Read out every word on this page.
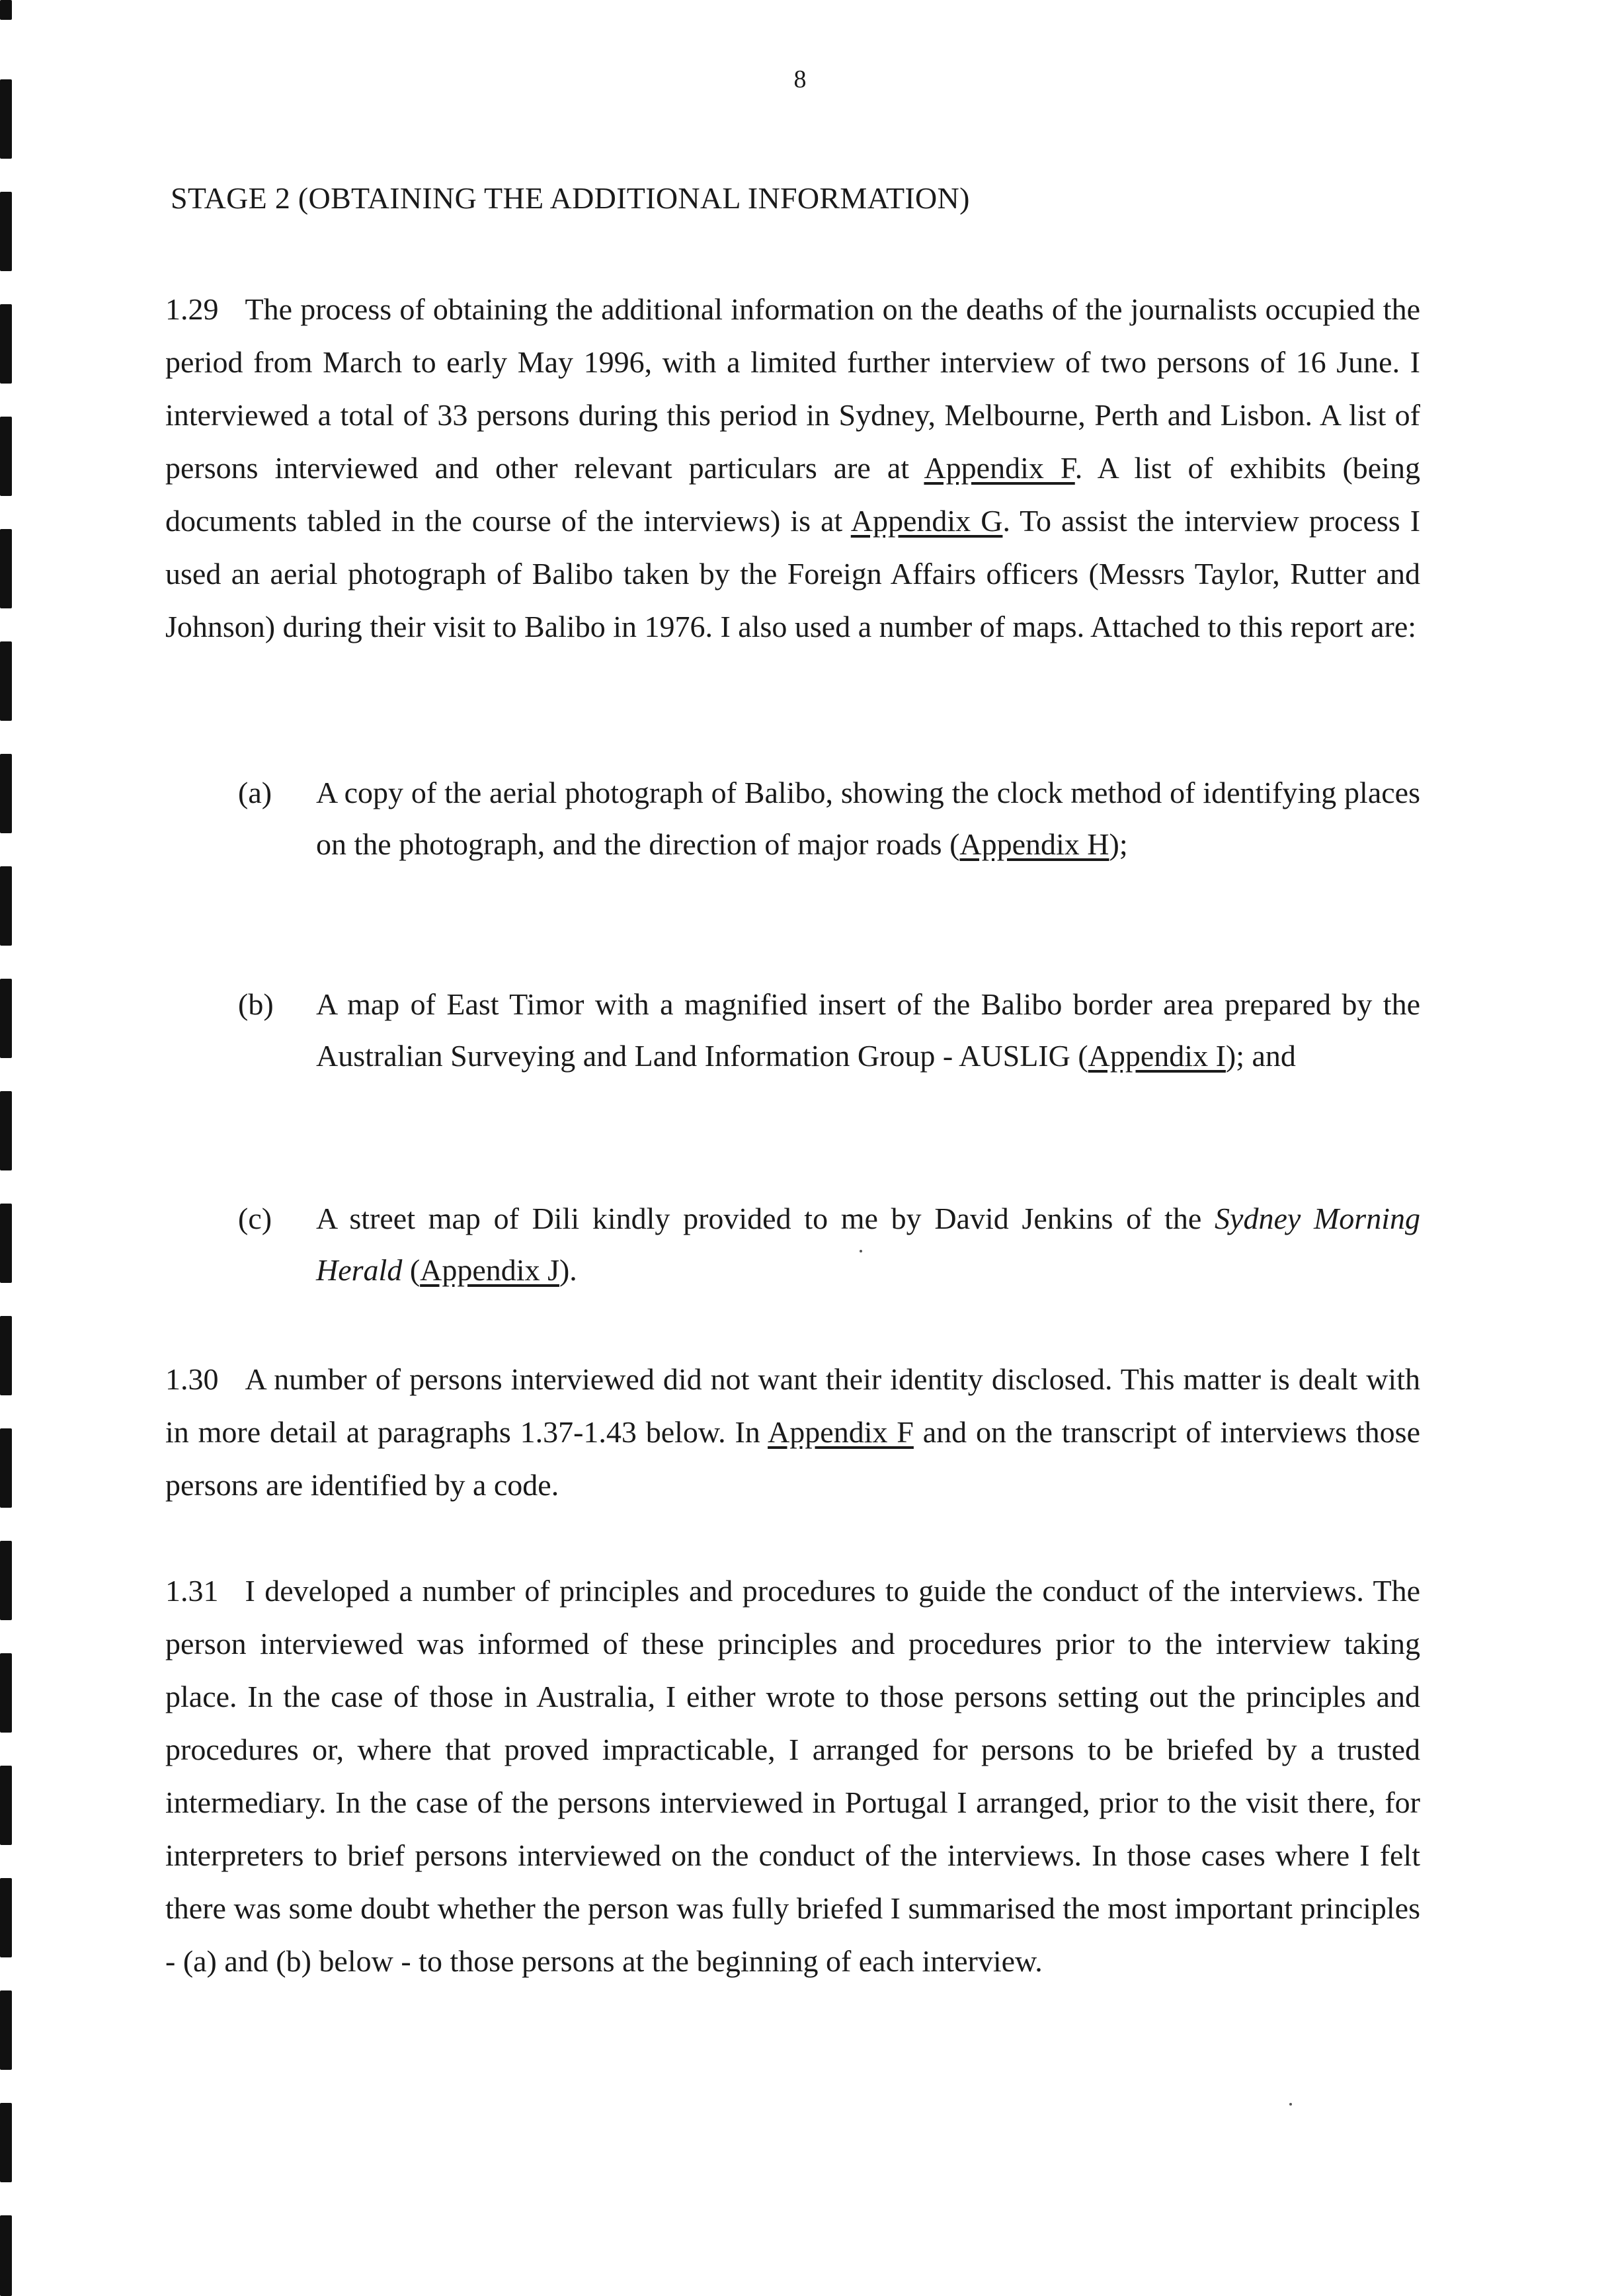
8
STAGE 2 (OBTAINING THE ADDITIONAL INFORMATION)
1.29 The process of obtaining the additional information on the deaths of the journalists occupied the period from March to early May 1996, with a limited further interview of two persons of 16 June. I interviewed a total of 33 persons during this period in Sydney, Melbourne, Perth and Lisbon. A list of persons interviewed and other relevant particulars are at Appendix F. A list of exhibits (being documents tabled in the course of the interviews) is at Appendix G. To assist the interview process I used an aerial photograph of Balibo taken by the Foreign Affairs officers (Messrs Taylor, Rutter and Johnson) during their visit to Balibo in 1976. I also used a number of maps. Attached to this report are:
(a)	A copy of the aerial photograph of Balibo, showing the clock method of identifying places on the photograph, and the direction of major roads (Appendix H);
(b)	A map of East Timor with a magnified insert of the Balibo border area prepared by the Australian Surveying and Land Information Group - AUSLIG (Appendix I); and
(c)	A street map of Dili kindly provided to me by David Jenkins of the Sydney Morning Herald (Appendix J).
1.30 A number of persons interviewed did not want their identity disclosed. This matter is dealt with in more detail at paragraphs 1.37-1.43 below. In Appendix F and on the transcript of interviews those persons are identified by a code.
1.31 I developed a number of principles and procedures to guide the conduct of the interviews. The person interviewed was informed of these principles and procedures prior to the interview taking place. In the case of those in Australia, I either wrote to those persons setting out the principles and procedures or, where that proved impracticable, I arranged for persons to be briefed by a trusted intermediary. In the case of the persons interviewed in Portugal I arranged, prior to the visit there, for interpreters to brief persons interviewed on the conduct of the interviews. In those cases where I felt there was some doubt whether the person was fully briefed I summarised the most important principles - (a) and (b) below - to those persons at the beginning of each interview.
